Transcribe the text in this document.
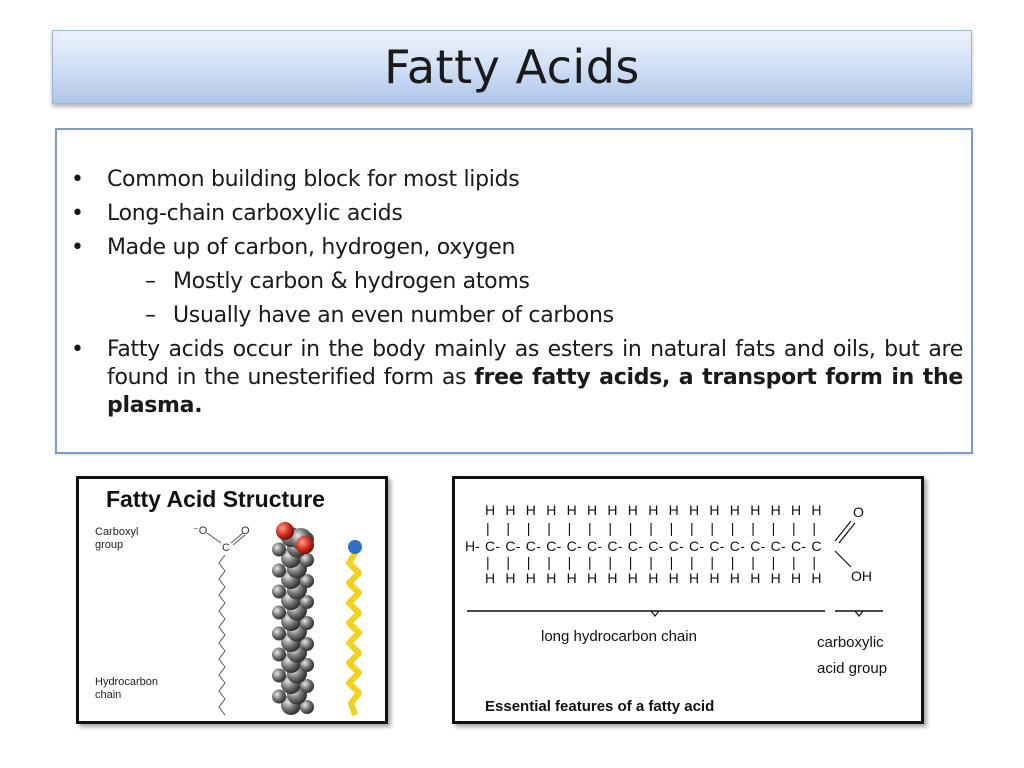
Fatty Acids
• Common building block for most lipids
• Long-chain carboxylic acids
• Made up of carbon, hydrogen, oxygen
– Mostly carbon & hydrogen atoms
– Usually have an even number of carbons
• Fatty acids occur in the body mainly as esters in natural fats and oils, but are found in the unesterified form as free fatty acids, a transport form in the plasma.
Fatty Acid Structure
Carboxyl
group
Hydrocarbon
chain
⁻O	O
C
H
|
C
|
H
-
H
|
C
|
H
-
H
|
C
|
H
-
H
|
C
|
H
-
H
|
C
|
H
-
H
|
C
|
H
-
H
|
C
|
H
-
H
|
C
|
H
-
H
|
C
|
H
-
H
|
C
|
H
-
H
|
C
|
H
-
H
|
C
|
H
-
H
|
C
|
H
-
H
|
C
|
H
-
H
|
C
|
H
-
H
|
C
|
H
-
H
|
C
|
H
-
H
O
OH
long hydrocarbon chain	carboxylic
acid group
Essential features of a fatty acid
